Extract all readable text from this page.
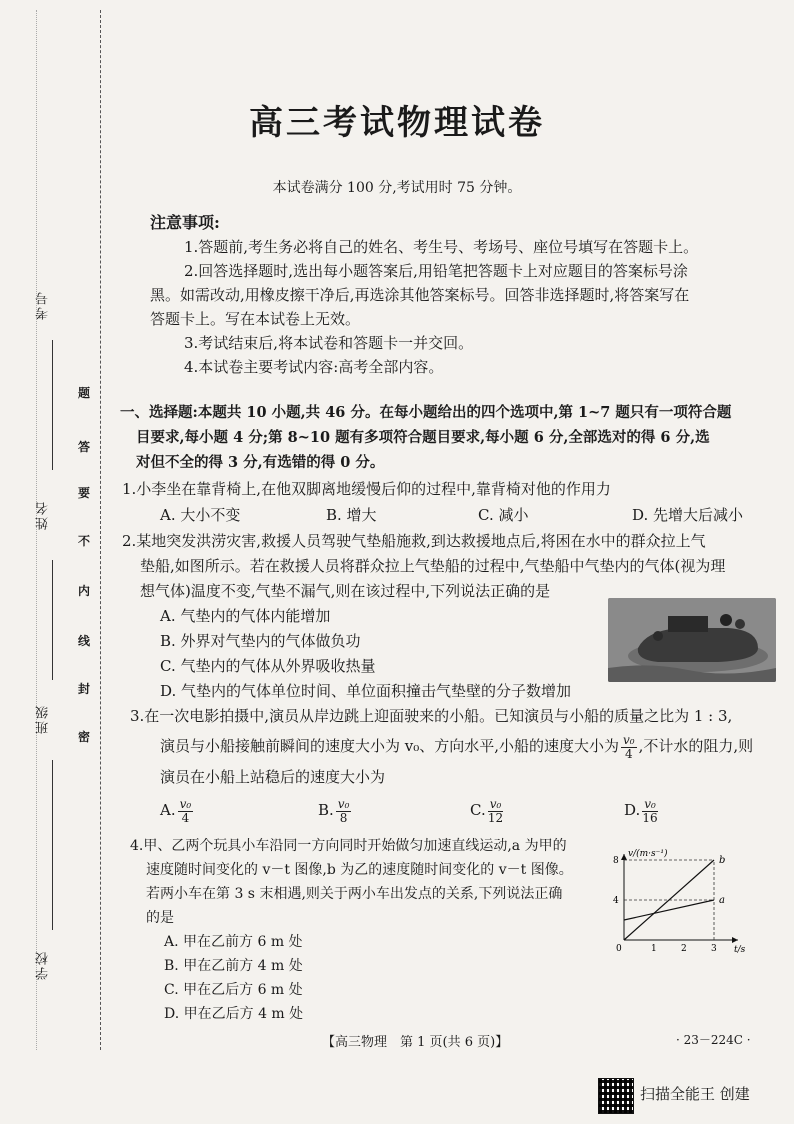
考号
姓名
班级
学校
题
答
要
不
内
线
封
密
高三考试物理试卷
本试卷满分 100 分,考试用时 75 分钟。
注意事项:
1.答题前,考生务必将自己的姓名、考生号、考场号、座位号填写在答题卡上。
2.回答选择题时,选出每小题答案后,用铅笔把答题卡上对应题目的答案标号涂
黑。如需改动,用橡皮擦干净后,再选涂其他答案标号。回答非选择题时,将答案写在
答题卡上。写在本试卷上无效。
3.考试结束后,将本试卷和答题卡一并交回。
4.本试卷主要考试内容:高考全部内容。
一、选择题:本题共 10 小题,共 46 分。在每小题给出的四个选项中,第 1~7 题只有一项符合题
目要求,每小题 4 分;第 8~10 题有多项符合题目要求,每小题 6 分,全部选对的得 6 分,选
对但不全的得 3 分,有选错的得 0 分。
1.小李坐在靠背椅上,在他双脚离地缓慢后仰的过程中,靠背椅对他的作用力
A. 大小不变	B. 增大	C. 减小	D. 先增大后减小
2.某地突发洪涝灾害,救援人员驾驶气垫船施救,到达救援地点后,将困在水中的群众拉上气
垫船,如图所示。若在救援人员将群众拉上气垫船的过程中,气垫船中气垫内的气体(视为理
想气体)温度不变,气垫不漏气,则在该过程中,下列说法正确的是
A. 气垫内的气体内能增加
B. 外界对气垫内的气体做负功
C. 气垫内的气体从外界吸收热量
D. 气垫内的气体单位时间、单位面积撞击气垫壁的分子数增加
3.在一次电影拍摄中,演员从岸边跳上迎面驶来的小船。已知演员与小船的质量之比为 1 : 3,
演员与小船接触前瞬间的速度大小为 v₀、方向水平,小船的速度大小为 $\frac{\text{v₀}}{4}$ ,不计水的阻力,则
演员在小船上站稳后的速度大小为
A. $\frac{\text{v₀}}{4}$	B. $\frac{\text{v₀}}{8}$	C. $\frac{\text{v₀}}{12}$	D. $\frac{\text{v₀}}{16}$
4.甲、乙两个玩具小车沿同一方向同时开始做匀加速直线运动,a 为甲的
速度随时间变化的 v－t 图像,b 为乙的速度随时间变化的 v－t 图像。
若两小车在第 3 s 末相遇,则关于两小车出发点的关系,下列说法正确
的是
A. 甲在乙前方 6 m 处
B. 甲在乙前方 4 m 处
C. 甲在乙后方 6 m 处
D. 甲在乙后方 4 m 处
v/(m·s⁻¹)
t/s
0	1	2	3
4
8	b
a
【高三物理　第 1 页(共 6 页)】	· 23－224C ·
扫描全能王 创建
